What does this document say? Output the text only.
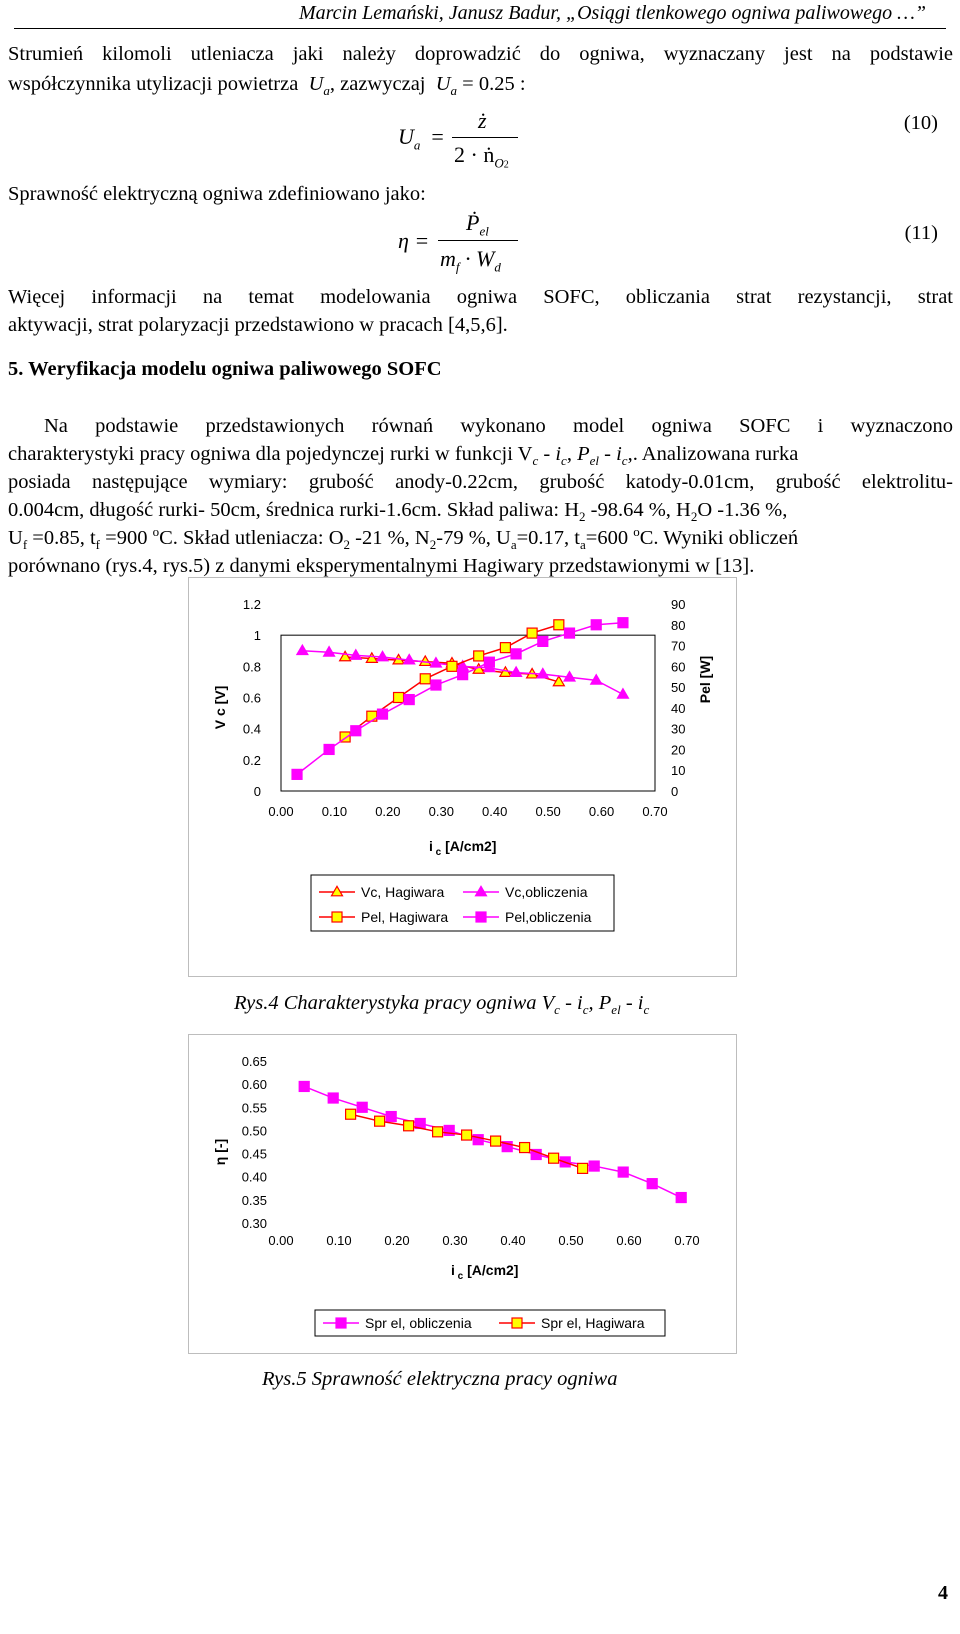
Marcin Lemański, Janusz Badur, „Osiągi tlenkowego ogniwa paliwowego …”

Strumień kilomoli utleniacza jaki należy doprowadzić do ogniwa, wyznaczany jest na podstawie

współczynnika utylizacji powietrza  $U_a$, zazwyczaj  $U_a = 0.25$ :

$U_a$  =
ż
2 · ṅ$_{O2}$
(10)

Sprawność elektryczną ogniwa zdefiniowano jako:

η =
Ṗ$_{el}$
$m_f \cdot W_d$
(11)

Więcej informacji na temat modelowania ogniwa SOFC, obliczania strat rezystancji, strat

aktywacji, strat polaryzacji przedstawiono w pracach [4,5,6].

5. Weryfikacja modelu ogniwa paliwowego SOFC

Na podstawie przedstawionych równań wykonano model ogniwa SOFC i wyznaczono

charakterystyki pracy ogniwa dla pojedynczej rurki w funkcji $V_c - i_c$, $P_{el} - i_c$,. Analizowana rurka

posiada następujące wymiary: grubość anody-0.22cm, grubość katody-0.01cm, grubość elektrolitu-

0.004cm, długość rurki- 50cm, średnica rurki-1.6cm. Skład paliwa: $H_2$ -98.64 %, $H_2O$ -1.36 %,

$U_f =0.85$, $t_f =900$ $^o$C. Skład utleniacza: $O_2$ -21 %, $N_2-79$ %, $U_a=0.17$, $t_a=600$ $^o$C. Wyniki obliczeń

porównano (rys.4, rys.5) z danymi eksperymentalnymi Hagiwary przedstawionymi w [13].

0
0.2
0.4
0.6
0.8
1
1.2
0
10
20
30
40
50
60
70
80
90
0.00 0.10 0.20 0.30 0.40 0.50 0.60 0.70
V c [V]
Pel [W]
i $_c$ [A/cm2]
Vc, Hagiwara	Vc,obliczenia
Pel, Hagiwara	Pel,obliczenia
Rys.4 Charakterystyka pracy ogniwa $V_c - i_c$, $P_{el} - i_c$
0.30
0.35
0.40
0.45
0.50
0.55
0.60
0.65
0.00	0.10	0.20	0.30	0.40	0.50	0.60	0.70
η [-]
i $_c$ [A/cm2]
Spr el, obliczenia	Spr el, Hagiwara
Rys.5 Sprawność elektryczna pracy ogniwa
4
